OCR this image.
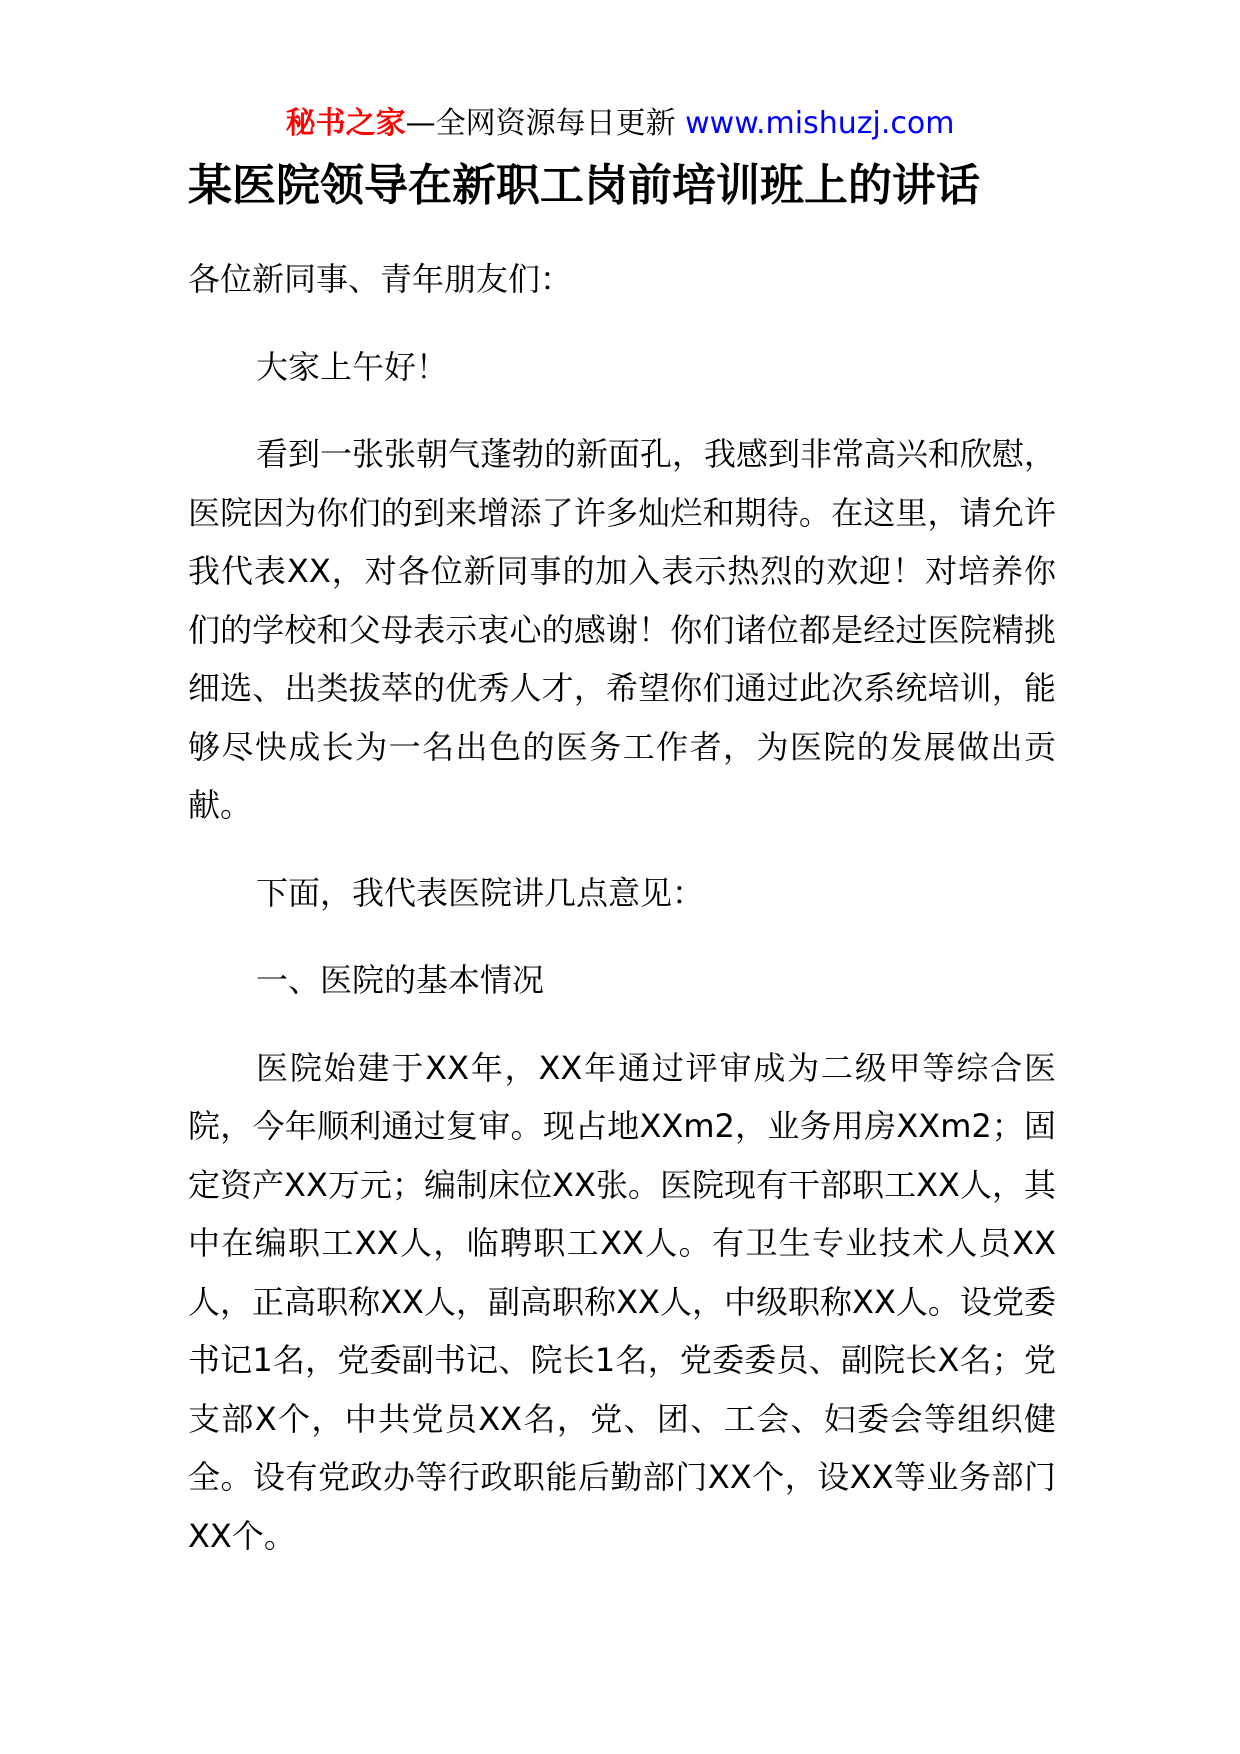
秘书之家—全网资源每日更新 www.mishuzj.com
某医院领导在新职工岗前培训班上的讲话

各位新同事、青年朋友们：

大家上午好！

看到一张张朝气蓬勃的新面孔，我感到非常高兴和欣慰，医院因为你们的到来增添了许多灿烂和期待。在这里，请允许我代表XX，对各位新同事的加入表示热烈的欢迎！对培养你们的学校和父母表示衷心的感谢！你们诸位都是经过医院精挑细选、出类拔萃的优秀人才，希望你们通过此次系统培训，能够尽快成长为一名出色的医务工作者，为医院的发展做出贡献。

下面，我代表医院讲几点意见：

一、医院的基本情况

医院始建于XX年，XX年通过评审成为二级甲等综合医院，今年顺利通过复审。现占地XXm2，业务用房XXm2；固定资产XX万元；编制床位XX张。医院现有干部职工XX人，其中在编职工XX人，临聘职工XX人。有卫生专业技术人员XX人，正高职称XX人，副高职称XX人，中级职称XX人。设党委书记1名，党委副书记、院长1名，党委委员、副院长X名；党支部X个，中共党员XX名，党、团、工会、妇委会等组织健全。设有党政办等行政职能后勤部门XX个，设XX等业务部门XX个。
